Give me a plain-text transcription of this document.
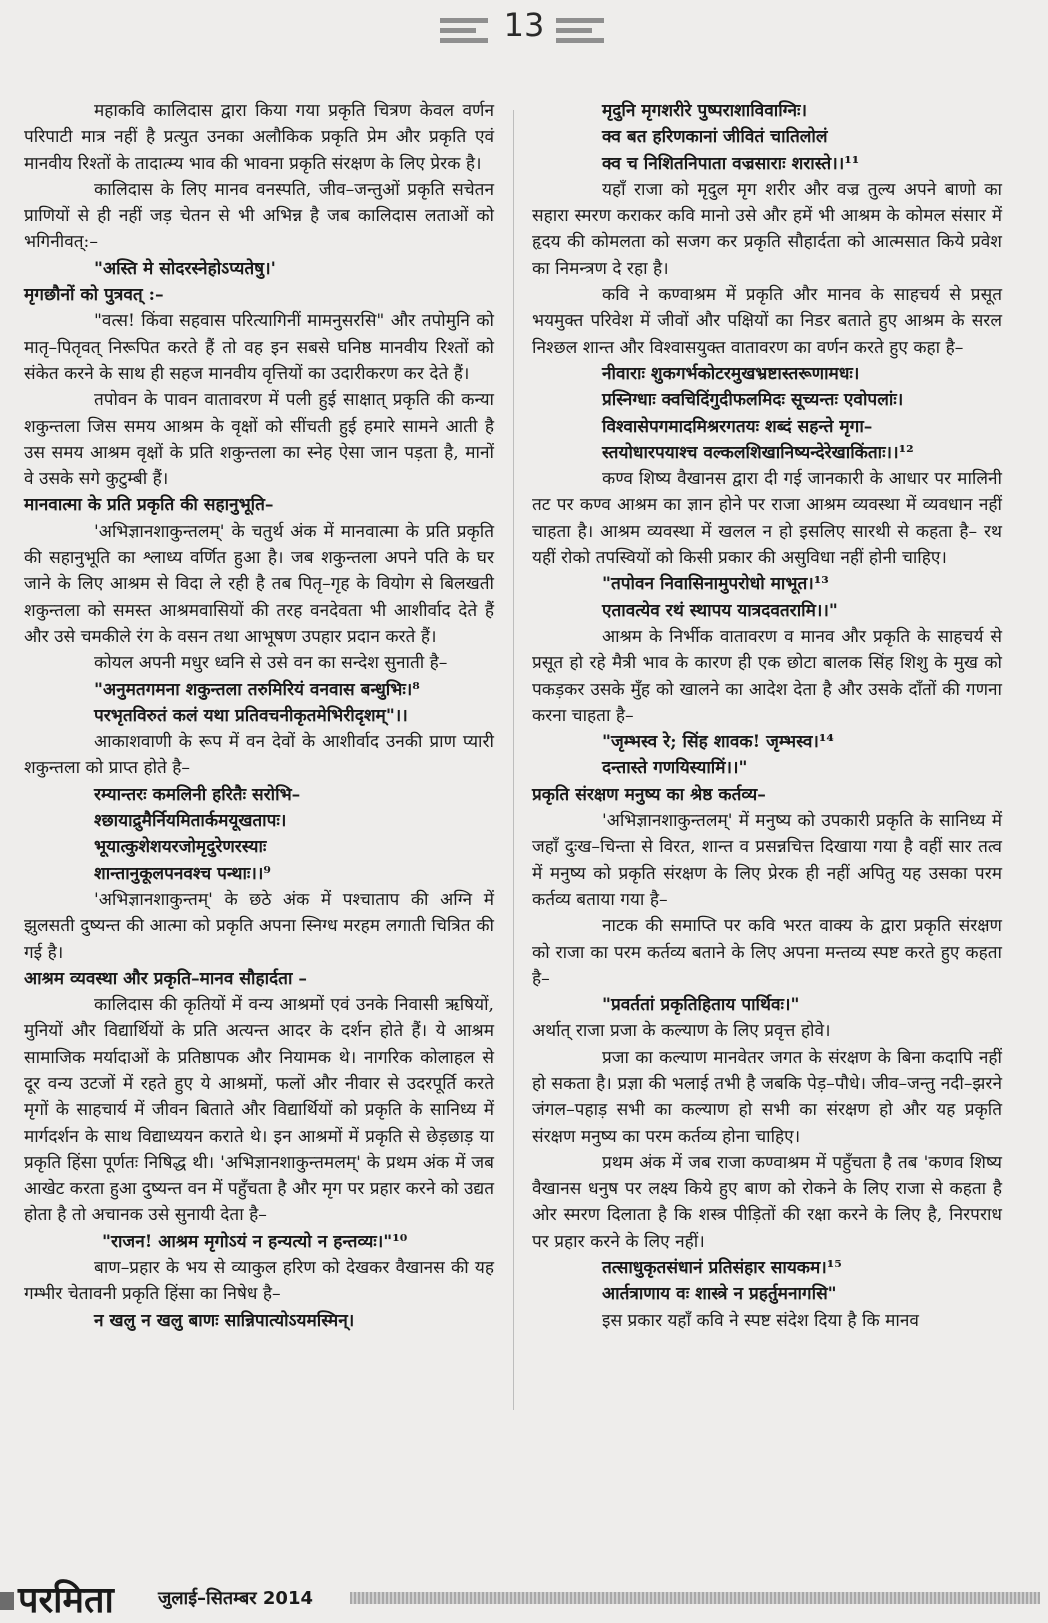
13

महाकवि कालिदास द्वारा किया गया प्रकृति चित्रण केवल वर्णन परिपाटी मात्र नहीं है प्रत्युत उनका अलौकिक प्रकृति प्रेम और प्रकृति एवं मानवीय रिश्तों के तादात्म्य भाव की भावना प्रकृति संरक्षण के लिए प्रेरक है।

कालिदास के लिए मानव वनस्पति, जीव–जन्तुओं प्रकृति सचेतन प्राणियों से ही नहीं जड़ चेतन से भी अभिन्न है जब कालिदास लताओं को भगिनीवत्:–

"अस्ति मे सोदरस्नेहोऽप्यतेषु।'

मृगछौनों को पुत्रवत् :–

"वत्स! किंवा सहवास परित्यागिनीं मामनुसरसि" और तपोमुनि को मातृ–पितृवत् निरूपित करते हैं तो वह इन सबसे घनिष्ठ मानवीय रिश्तों को संकेत करने के साथ ही सहज मानवीय वृत्तियों का उदारीकरण कर देते हैं।

तपोवन के पावन वातावरण में पली हुई साक्षात् प्रकृति की कन्या शकुन्तला जिस समय आश्रम के वृक्षों को सींचती हुई हमारे सामने आती है उस समय आश्रम वृक्षों के प्रति शकुन्तला का स्नेह ऐसा जान पड़ता है, मानों वे उसके सगे कुटुम्बी हैं।

मानवात्मा के प्रति प्रकृति की सहानुभूति–

'अभिज्ञानशाकुन्तलम्' के चतुर्थ अंक में मानवात्मा के प्रति प्रकृति की सहानुभूति का श्लाध्य वर्णित हुआ है। जब शकुन्तला अपने पति के घर जाने के लिए आश्रम से विदा ले रही है तब पितृ–गृह के वियोग से बिलखती शकुन्तला को समस्त आश्रमवासियों की तरह वनदेवता भी आशीर्वाद देते हैं और उसे चमकीले रंग के वसन तथा आभूषण उपहार प्रदान करते हैं।

कोयल अपनी मधुर ध्वनि से उसे वन का सन्देश सुनाती है–

"अनुमतगमना शकुन्तला तरुमिरियं वनवास बन्धुभिः।⁸

परभृतविरुतं कलं यथा प्रतिवचनीकृतमेभिरीदृशम्"।।

आकाशवाणी के रूप में वन देवों के आशीर्वाद उनकी प्राण प्यारी शकुन्तला को प्राप्त होते है–

रम्यान्तरः कमलिनी हरितैः सरोभि–

श्छायाद्रुमैर्नियमितार्कमयूखतापः।

भूयात्कुशेशयरजोमृदुरेणरस्याः

शान्तानुकूलपनवश्च पन्थाः।।⁹

'अभिज्ञानशाकुन्तम्' के छठे अंक में पश्चाताप की अग्नि में झुलसती दुष्यन्त की आत्मा को प्रकृति अपना स्निग्ध मरहम लगाती चित्रित की गई है।

आश्रम व्यवस्था और प्रकृति–मानव सौहार्दता –

कालिदास की कृतियों में वन्य आश्रमों एवं उनके निवासी ऋषियों, मुनियों और विद्यार्थियों के प्रति अत्यन्त आदर के दर्शन होते हैं। ये आश्रम सामाजिक मर्यादाओं के प्रतिष्ठापक और नियामक थे। नागरिक कोलाहल से दूर वन्य उटजों में रहते हुए ये आश्रमों, फलों और नीवार से उदरपूर्ति करते मृगों के साहचार्य में जीवन बिताते और विद्यार्थियों को प्रकृति के सानिध्य में मार्गदर्शन के साथ विद्याध्ययन कराते थे। इन आश्रमों में प्रकृति से छेड़छाड़ या प्रकृति हिंसा पूर्णतः निषिद्ध थी। 'अभिज्ञानशाकुन्तमलम्' के प्रथम अंक में जब आखेट करता हुआ दुष्यन्त वन में पहुँचता है और मृग पर प्रहार करने को उद्यत होता है तो अचानक उसे सुनायी देता है–

"राजन! आश्रम मृगोऽयं न हन्यत्यो न हन्तव्यः।"¹⁰

बाण–प्रहार के भय से व्याकुल हरिण को देखकर वैखानस की यह गम्भीर चेतावनी प्रकृति हिंसा का निषेध है–

न खलु न खलु बाणः सान्निपात्योऽयमस्मिन्।

मृदुनि मृगशरीरे पुष्पराशाविवाग्निः।

क्व बत हरिणकानां जीवितं चातिलोलं

क्व च निशितनिपाता वज्रसाराः शरास्ते।।¹¹

यहाँ राजा को मृदुल मृग शरीर और वज्र तुल्य अपने बाणो का सहारा स्मरण कराकर कवि मानो उसे और हमें भी आश्रम के कोमल संसार में हृदय की कोमलता को सजग कर प्रकृति सौहार्दता को आत्मसात किये प्रवेश का निमन्त्रण दे रहा है।

कवि ने कण्वाश्रम में प्रकृति और मानव के साहचर्य से प्रसूत भयमुक्त परिवेश में जीवों और पक्षियों का निडर बताते हुए आश्रम के सरल निश्छल शान्त और विश्वासयुक्त वातावरण का वर्णन करते हुए कहा है–

नीवाराः शुकगर्भकोटरमुखभ्रष्टास्तरूणामधः।

प्रस्निग्धाः क्वचिदिंगुदीफलमिदः सूच्यन्तः एवोपलांः।

विश्वासेपगमादमिश्ररगतयः शब्दं सहन्ते मृगा–

स्तयोधारपयाश्च वल्कलशिखानिष्यन्देरेखाकिंताः।।¹²

कण्व शिष्य वैखानस द्वारा दी गई जानकारी के आधार पर मालिनी तट पर कण्व आश्रम का ज्ञान होने पर राजा आश्रम व्यवस्था में व्यवधान नहीं चाहता है। आश्रम व्यवस्था में खलल न हो इसलिए सारथी से कहता है– रथ यहीं रोको तपस्वियों को किसी प्रकार की असुविधा नहीं होनी चाहिए।

"तपोवन निवासिनामुपरोधो माभूत।¹³

एतावत्येव रथं स्थापय यात्रदवतरामि।।"

आश्रम के निर्भीक वातावरण व मानव और प्रकृति के साहचर्य से प्रसूत हो रहे मैत्री भाव के कारण ही एक छोटा बालक सिंह शिशु के मुख को पकड़कर उसके मुँह को खालने का आदेश देता है और उसके दाँतों की गणना करना चाहता है–

"जृम्भस्व रे; सिंह शावक! जृम्भस्व।¹⁴

दन्तास्ते गणयिस्यामिं।।"

प्रकृति संरक्षण मनुष्य का श्रेष्ठ कर्तव्य–

'अभिज्ञानशाकुन्तलम्' में मनुष्य को उपकारी प्रकृति के सानिध्य में जहाँ दुःख–चिन्ता से विरत, शान्त व प्रसन्नचित्त दिखाया गया है वहीं सार तत्व में मनुष्य को प्रकृति संरक्षण के लिए प्रेरक ही नहीं अपितु यह उसका परम कर्तव्य बताया गया है–

नाटक की समाप्ति पर कवि भरत वाक्य के द्वारा प्रकृति संरक्षण को राजा का परम कर्तव्य बताने के लिए अपना मन्तव्य स्पष्ट करते हुए कहता है–

"प्रवर्ततां प्रकृतिहिताय पार्थिवः।"

अर्थात् राजा प्रजा के कल्याण के लिए प्रवृत्त होवे।

प्रजा का कल्याण मानवेतर जगत के संरक्षण के बिना कदापि नहीं हो सकता है। प्रज्ञा की भलाई तभी है जबकि पेड़–पौधे। जीव–जन्तु नदी–झरने जंगल–पहाड़ सभी का कल्याण हो सभी का संरक्षण हो और यह प्रकृति संरक्षण मनुष्य का परम कर्तव्य होना चाहिए।

प्रथम अंक में जब राजा कण्वाश्रम में पहुँचता है तब 'कणव शिष्य वैखानस धनुष पर लक्ष्य किये हुए बाण को रोकने के लिए राजा से कहता है ओर स्मरण दिलाता है कि शस्त्र पीड़ितों की रक्षा करने के लिए है, निरपराध पर प्रहार करने के लिए नहीं।

तत्साधुकृतसंधानं प्रतिसंहार सायकम।¹⁵

आर्तत्राणाय वः शास्त्रे न प्रहर्तुमनागसि"

इस प्रकार यहाँ कवि ने स्पष्ट संदेश दिया है कि मानव

परमिता जुलाई–सितम्बर 2014
